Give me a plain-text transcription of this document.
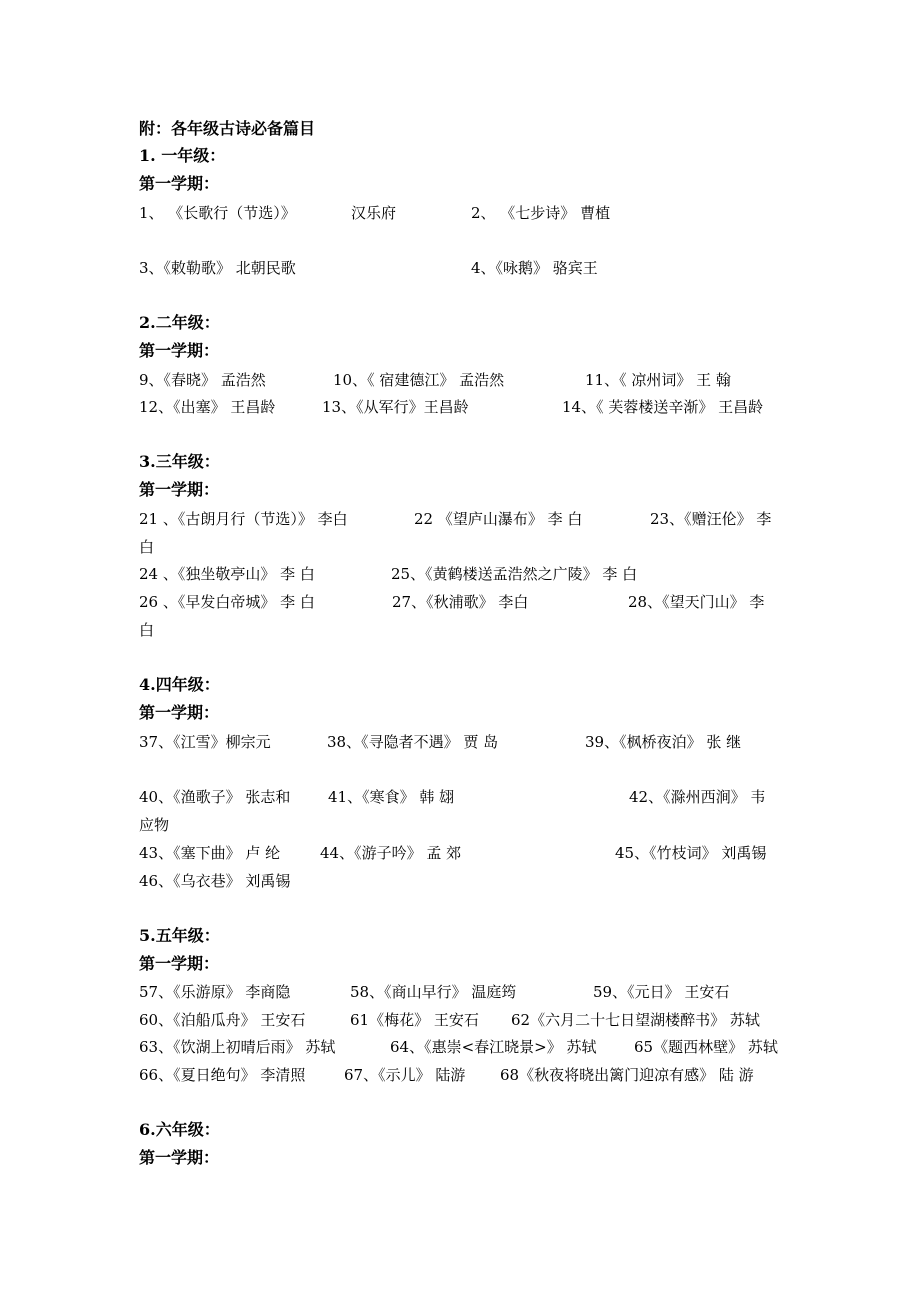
附：各年级古诗必备篇目
1. 一年级：
第一学期：
1、 《长歌行（节选）》	汉乐府	2、 《七步诗》 曹植
3、《敕勒歌》 北朝民歌	4、《咏鹅》 骆宾王
2.二年级：
第一学期：
9、《春晓》 孟浩然	10、《 宿建德江》 孟浩然	11、《 凉州词》 王 翰
12、《出塞》 王昌龄	13、《从军行》王昌龄	14、《 芙蓉楼送辛渐》 王昌龄
3.三年级：
第一学期：
21 、《古朗月行（节选）》 李白	22 《望庐山瀑布》 李 白	23、《赠汪伦》 李
白
24 、《独坐敬亭山》 李 白	25、《黄鹤楼送孟浩然之广陵》 李 白
26 、《早发白帝城》 李 白	27、《秋浦歌》 李白	28、《望天门山》 李
白
4.四年级：
第一学期：
37、《江雪》柳宗元	38、《寻隐者不遇》 贾 岛	39、《枫桥夜泊》 张 继
40、《渔歌子》 张志和	41、《寒食》 韩 翃	42、《滁州西涧》 韦
应物
43、《塞下曲》 卢 纶	44、《游子吟》 孟 郊	45、《竹枝词》 刘禹锡
46、《乌衣巷》 刘禹锡
5.五年级：
第一学期：
57、《乐游原》 李商隐	58、《商山早行》 温庭筠	59、《元日》 王安石
60、《泊船瓜舟》 王安石	61《梅花》 王安石 62《六月二十七日望湖楼醉书》 苏轼
63、《饮湖上初晴后雨》 苏轼	64、《惠崇<春江晓景>》 苏轼	65《题西林壁》 苏轼
66、《夏日绝句》 李清照	67、《示儿》 陆游 68《秋夜将晓出篱门迎凉有感》 陆 游
6.六年级：
第一学期：
